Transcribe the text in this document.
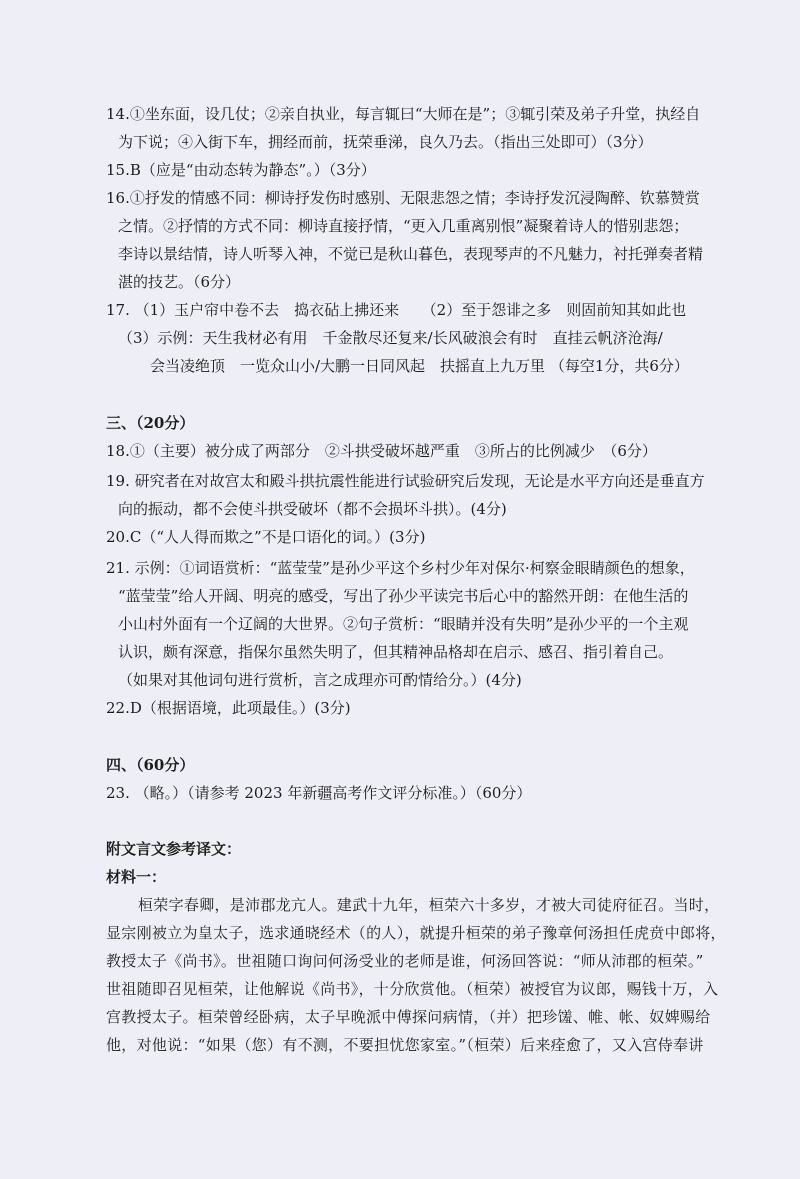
14.①坐东面，设几仗；②亲自执业，每言辄曰“大师在是”；③辄引荣及弟子升堂，执经自
为下说；④入街下车，拥经而前，抚荣垂涕，良久乃去。（指出三处即可）（3分）
15.B（应是“由动态转为静态”。）（3分）
16.①抒发的情感不同：柳诗抒发伤时感别、无限悲怨之情；李诗抒发沉浸陶醉、钦慕赞赏
之情。②抒情的方式不同：柳诗直接抒情，“更入几重离别恨”凝聚着诗人的惜别悲怨；
李诗以景结情，诗人听琴入神，不觉已是秋山暮色，表现琴声的不凡魅力，衬托弹奏者精
湛的技艺。（6分）
17. （1）玉户帘中卷不去　捣衣砧上拂还来　　（2）至于怨诽之多　则固前知其如此也
（3）示例：天生我材必有用　千金散尽还复来/长风破浪会有时　直挂云帆济沧海/
会当凌绝顶　一览众山小/大鹏一日同风起　扶摇直上九万里 （每空1分，共6分）
三、（20分）
18.①（主要）被分成了两部分　②斗拱受破坏越严重　③所占的比例减少　（6分）
19. 研究者在对故宫太和殿斗拱抗震性能进行试验研究后发现，无论是水平方向还是垂直方
向的振动，都不会使斗拱受破坏（都不会损坏斗拱）。(4分)
20.C（“人人得而欺之”不是口语化的词。）(3分)
21. 示例：①词语赏析：“蓝莹莹”是孙少平这个乡村少年对保尔·柯察金眼睛颜色的想象，
“蓝莹莹”给人开阔、明亮的感受，写出了孙少平读完书后心中的豁然开朗：在他生活的
小山村外面有一个辽阔的大世界。②句子赏析：“眼睛并没有失明”是孙少平的一个主观
认识，颇有深意，指保尔虽然失明了，但其精神品格却在启示、感召、指引着自己。
（如果对其他词句进行赏析，言之成理亦可酌情给分。）(4分)
22.D（根据语境，此项最佳。）(3分)
四、（60分）
23. （略。）（请参考 2023 年新疆高考作文评分标准。）（60分）
附文言文参考译文：
材料一：
桓荣字春卿，是沛郡龙亢人。建武十九年，桓荣六十多岁，才被大司徒府征召。当时，
显宗刚被立为皇太子，选求通晓经术（的人），就提升桓荣的弟子豫章何汤担任虎贲中郎将，
教授太子《尚书》。世祖随口询问何汤受业的老师是谁，何汤回答说：“师从沛郡的桓荣。”
世祖随即召见桓荣，让他解说《尚书》，十分欣赏他。（桓荣）被授官为议郎，赐钱十万，入
宫教授太子。桓荣曾经卧病，太子早晚派中傅探问病情，（并）把珍馐、帷、帐、奴婢赐给
他，对他说：“如果（您）有不测，不要担忧您家室。”（桓荣）后来痊愈了，又入宫侍奉讲
